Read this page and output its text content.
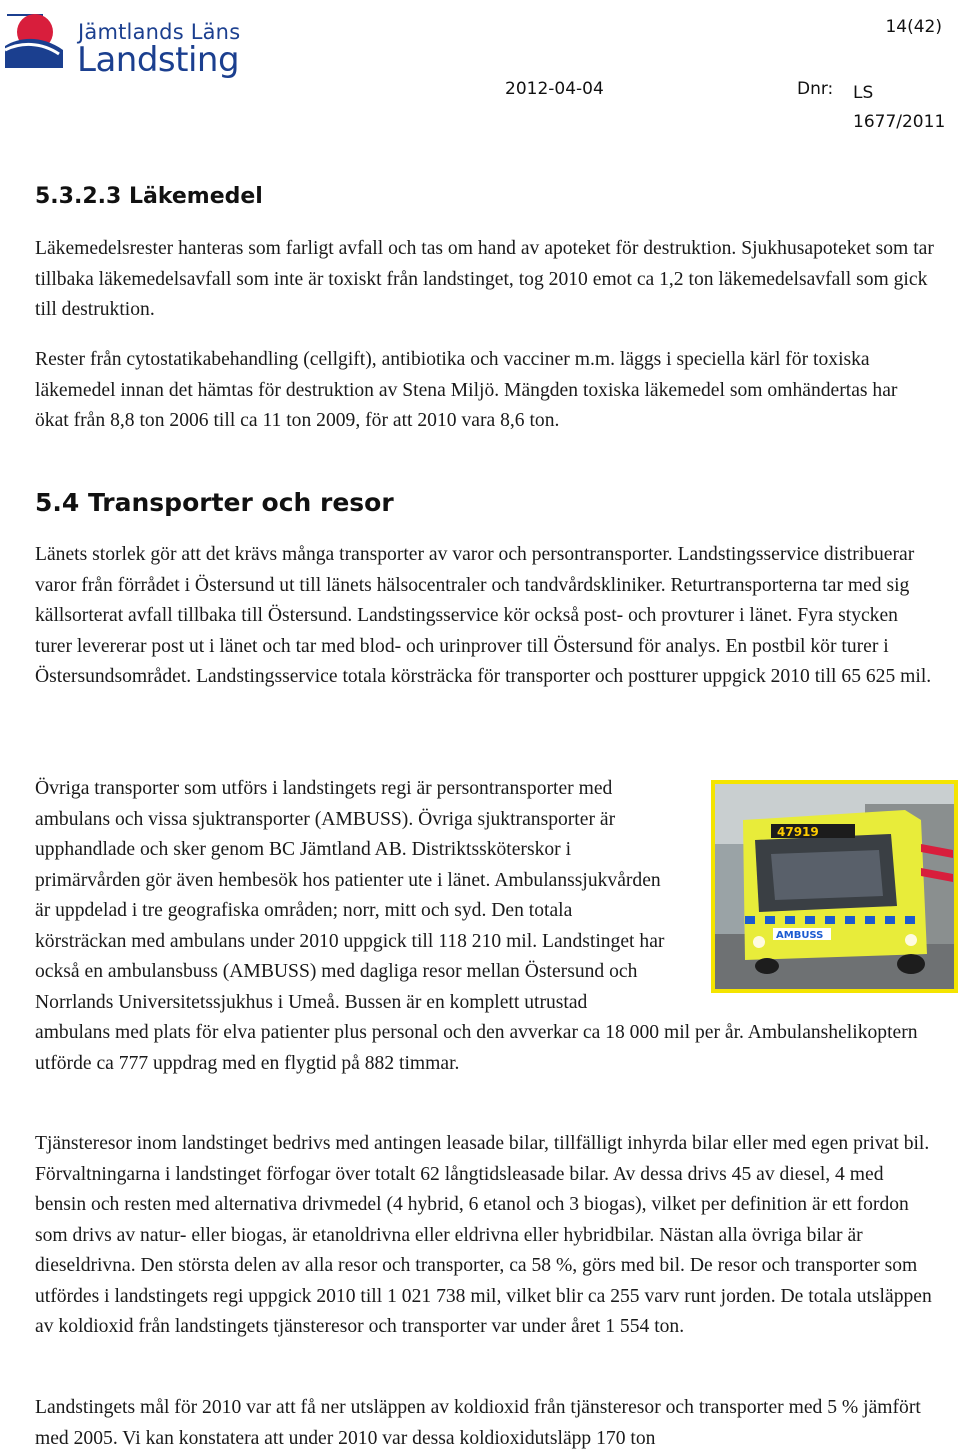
Jämtlands Läns
Landsting
14(42)
2012-04-04	Dnr: LS 1677/2011
5.3.2.3 Läkemedel
Läkemedelsrester hanteras som farligt avfall och tas om hand av apoteket för destruktion. Sjukhusapoteket som tar tillbaka läkemedelsavfall som inte är toxiskt från landstinget, tog 2010 emot ca 1,2 ton läkemedelsavfall som gick till destruktion.
Rester från cytostatikabehandling (cellgift), antibiotika och vacciner m.m. läggs i speciella kärl för toxiska läkemedel innan det hämtas för destruktion av Stena Miljö. Mängden toxiska läkemedel som omhändertas har ökat från 8,8 ton 2006 till ca 11 ton 2009, för att 2010 vara 8,6 ton.
5.4 Transporter och resor
Länets storlek gör att det krävs många transporter av varor och persontransporter. Landstingsservice distribuerar varor från förrådet i Östersund ut till länets hälsocentraler och tandvårdskliniker. Returtransporterna tar med sig källsorterat avfall tillbaka till Östersund. Landstingsservice kör också post- och provturer i länet. Fyra stycken turer levererar post ut i länet och tar med blod- och urinprover till Östersund för analys. En postbil kör turer i Östersundsområdet. Landstingsservice totala körsträcka för transporter och postturer uppgick 2010 till 65 625 mil.
Övriga transporter som utförs i landstingets regi är persontransporter med ambulans och vissa sjuktransporter (AMBUSS). Övriga sjuktransporter är upphandlade och sker genom BC Jämtland AB. Distriktssköterskor i primärvården gör även hembesök hos patienter ute i länet. Ambulanssjukvården är uppdelad i tre geografiska områden; norr, mitt och syd. Den totala körsträckan med ambulans under 2010 uppgick till 118 210 mil. Landstinget har också en ambulansbuss (AMBUSS) med dagliga resor mellan Östersund och Norrlands Universitetssjukhus i Umeå. Bussen är en komplett utrustad ambulans med plats för elva patienter plus personal och den avverkar ca 18 000 mil per år. Ambulanshelikoptern utförde ca 777 uppdrag med en flygtid på 882 timmar.
47919
AMBUSS
Tjänsteresor inom landstinget bedrivs med antingen leasade bilar, tillfälligt inhyrda bilar eller med egen privat bil. Förvaltningarna i landstinget förfogar över totalt 62 långtidsleasade bilar. Av dessa drivs 45 av diesel, 4 med bensin och resten med alternativa drivmedel (4 hybrid, 6 etanol och 3 biogas), vilket per definition är ett fordon som drivs av natur- eller biogas, är etanoldrivna eller eldrivna eller hybridbilar. Nästan alla övriga bilar är dieseldrivna. Den största delen av alla resor och transporter, ca 58 %, görs med bil. De resor och transporter som utfördes i landstingets regi uppgick 2010 till 1 021 738 mil, vilket blir ca 255 varv runt jorden. De totala utsläppen av koldioxid från landstingets tjänsteresor och transporter var under året 1 554 ton.
Landstingets mål för 2010 var att få ner utsläppen av koldioxid från tjänsteresor och transporter med 5 % jämfört med 2005. Vi kan konstatera att under 2010 var dessa koldioxidutsläpp 170 ton
